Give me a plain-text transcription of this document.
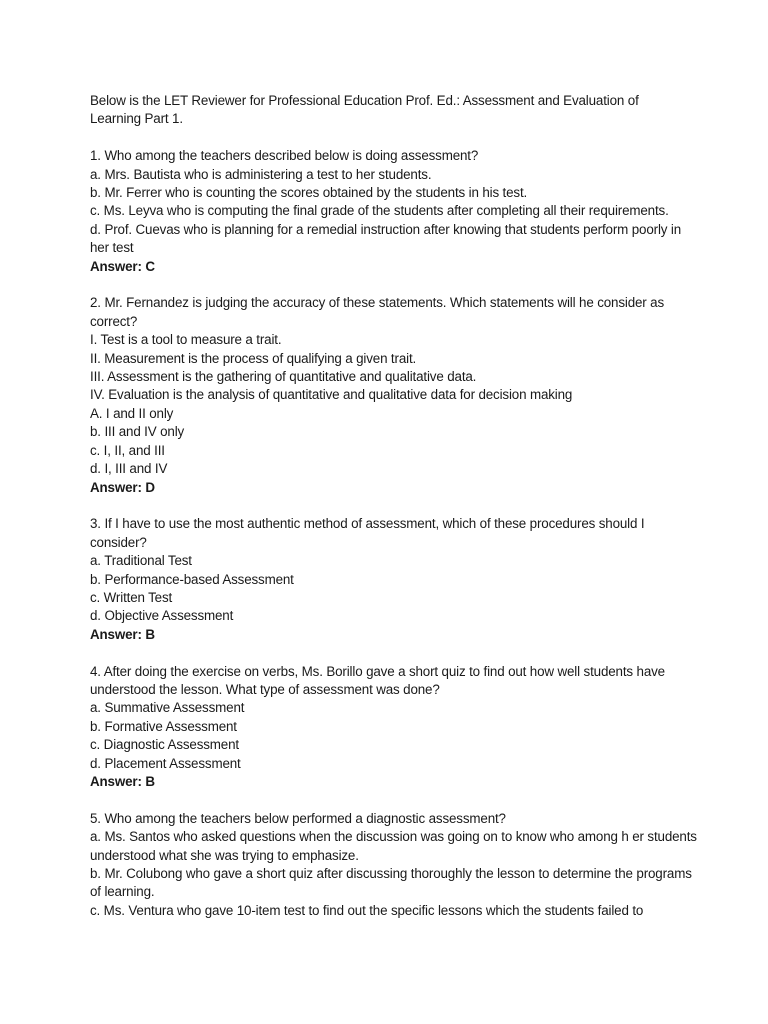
Below is the LET Reviewer for Professional Education Prof. Ed.: Assessment and Evaluation of
Learning Part 1.
1. Who among the teachers described below is doing assessment?
a. Mrs. Bautista who is administering a test to her students.
b. Mr. Ferrer who is counting the scores obtained by the students in his test.
c. Ms. Leyva who is computing the final grade of the students after completing all their requirements.
d. Prof. Cuevas who is planning for a remedial instruction after knowing that students perform poorly in
her test
Answer: C
2. Mr. Fernandez is judging the accuracy of these statements. Which statements will he consider as
correct?
I. Test is a tool to measure a trait.
II. Measurement is the process of qualifying a given trait.
III. Assessment is the gathering of quantitative and qualitative data.
IV. Evaluation is the analysis of quantitative and qualitative data for decision making
A. I and II only
b. III and IV only
c. I, II, and III
d. I, III and IV
Answer: D
3. If I have to use the most authentic method of assessment, which of these procedures should I
consider?
a. Traditional Test
b. Performance-based Assessment
c. Written Test
d. Objective Assessment
Answer: B
4. After doing the exercise on verbs, Ms. Borillo gave a short quiz to find out how well students have
understood the lesson. What type of assessment was done?
a. Summative Assessment
b. Formative Assessment
c. Diagnostic Assessment
d. Placement Assessment
Answer: B
5. Who among the teachers below performed a diagnostic assessment?
a. Ms. Santos who asked questions when the discussion was going on to know who among h er students
understood what she was trying to emphasize.
b. Mr. Colubong who gave a short quiz after discussing thoroughly the lesson to determine the programs
of learning.
c. Ms. Ventura who gave 10-item test to find out the specific lessons which the students failed to
